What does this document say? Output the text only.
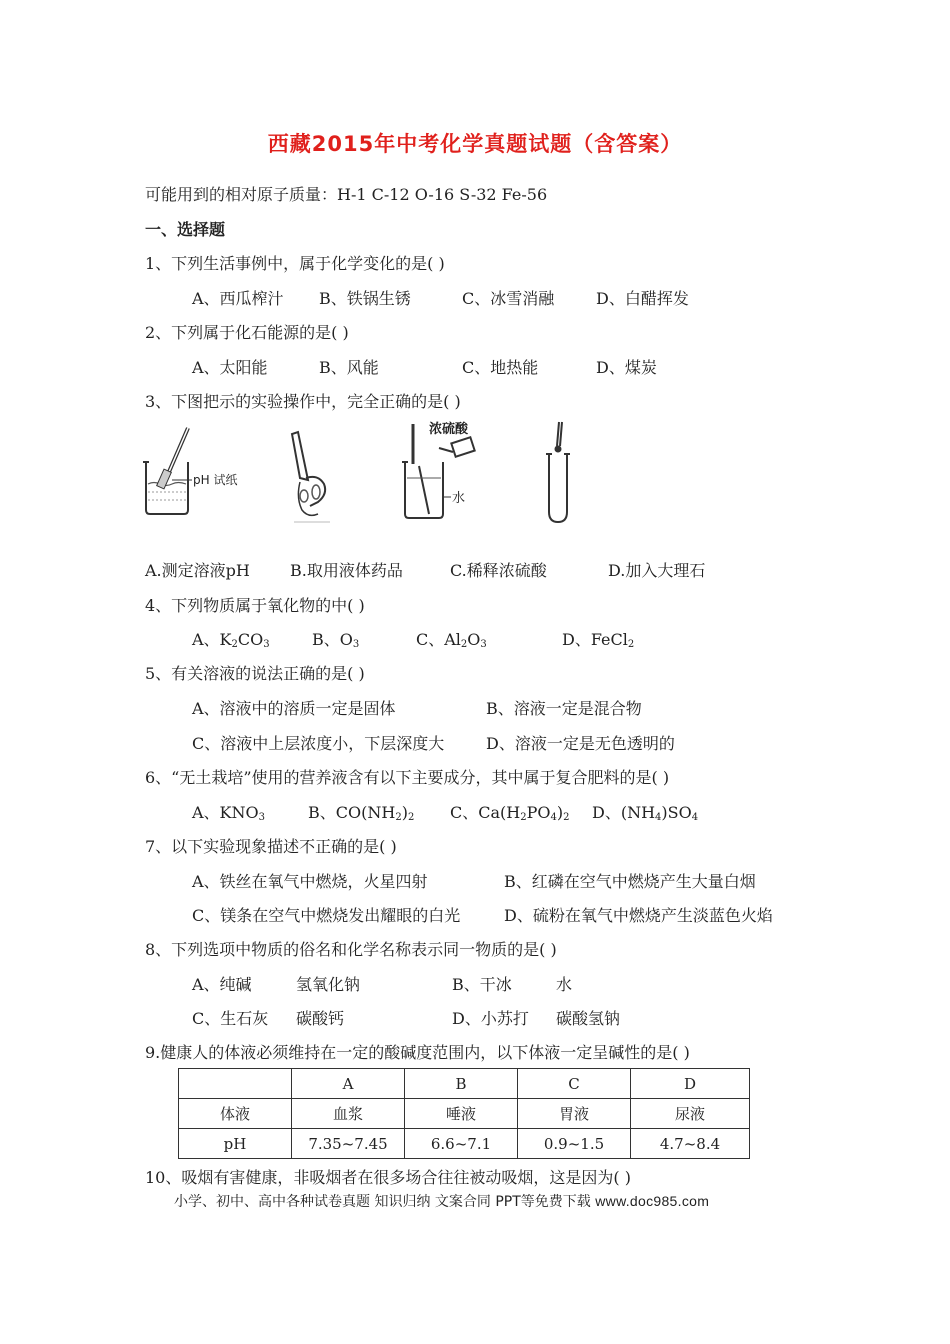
西藏2015年中考化学真题试题（含答案）
可能用到的相对原子质量：H-1 C-12 O-16 S-32 Fe-56
一、选择题
1、下列生活事例中，属于化学变化的是( )
A、西瓜榨汁 B、铁锅生锈	C、冰雪消融	D、白醋挥发
2、下列属于化石能源的是( )
A、太阳能	B、风能	C、地热能	D、煤炭
3、下图把示的实验操作中，完全正确的是( )
pH 试纸
浓硫酸
水
A.测定溶液pH	B.取用液体药品	C.稀释浓硫酸	D.加入大理石
4、下列物质属于氧化物的中( )
A、$K_2CO_3$	B、$O_3$	C、$Al_2O_3$	D、FeCl$_2$
5、有关溶液的说法正确的是( )
A、溶液中的溶质一定是固体	B、溶液一定是混合物
C、溶液中上层浓度小，下层深度大	D、溶液一定是无色透明的
6、“无土栽培”使用的营养液含有以下主要成分，其中属于复合肥料的是( )
A、$KNO_3$	B、$CO(NH_2)_2$ C、$Ca(H_2PO_4)_2$ D、$(NH_4)SO_4$
7、以下实验现象描述不正确的是( )
A、铁丝在氧气中燃烧，火星四射	B、红磷在空气中燃烧产生大量白烟
C、镁条在空气中燃烧发出耀眼的白光	D、硫粉在氧气中燃烧产生淡蓝色火焰
8、下列选项中物质的俗名和化学名称表示同一物质的是( )
A、纯碱	氢氧化钠	B、干冰	水
C、生石灰 碳酸钙	D、小苏打 碳酸氢钠
9.健康人的体液必须维持在一定的酸碱度范围内，以下体液一定呈碱性的是( )
	A	B	C	D
体液	血浆	唾液	胃液	尿液
pH	7.35~7.45	6.6~7.1	0.9~1.5	4.7~8.4
10、吸烟有害健康，非吸烟者在很多场合往往被动吸烟，这是因为( )
小学、初中、高中各种试卷真题 知识归纳 文案合同 PPT等免费下载 www.doc985.com
